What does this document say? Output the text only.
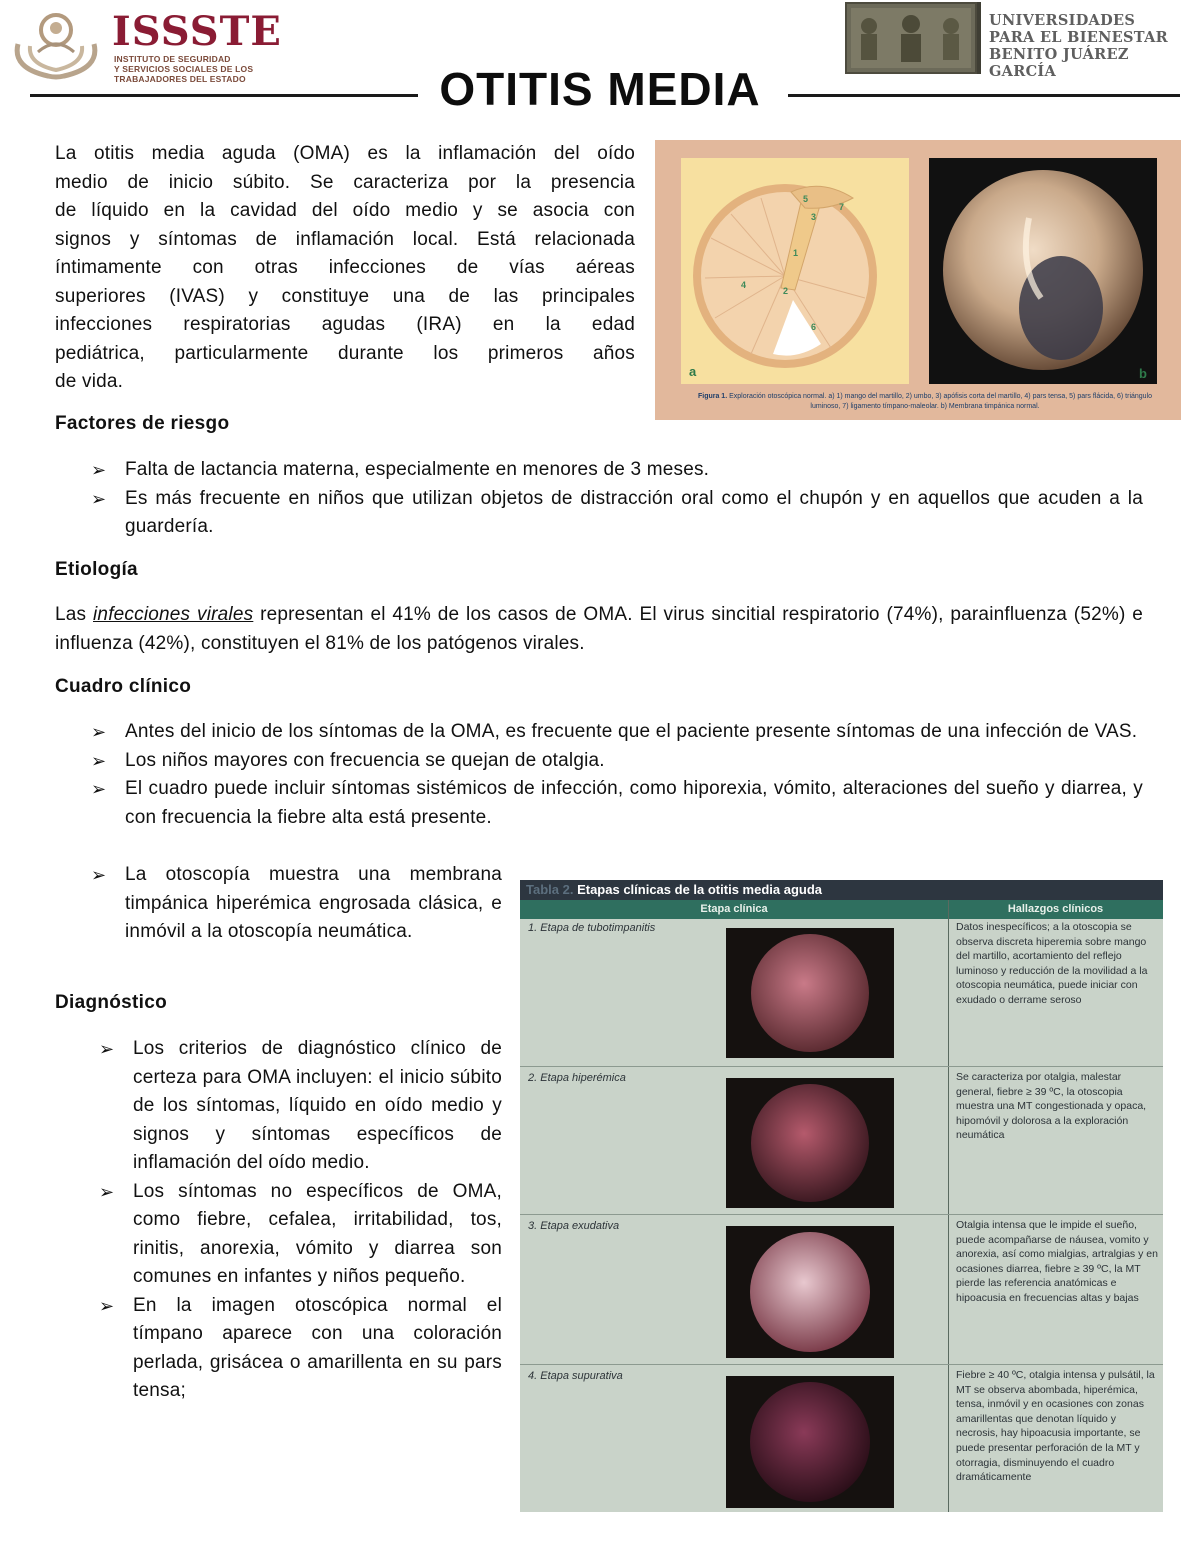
ISSSTE
INSTITUTO DE SEGURIDAD
Y SERVICIOS SOCIALES DE LOS
TRABAJADORES DEL ESTADO
UNIVERSIDADES
PARA EL BIENESTAR
BENITO JUÁREZ GARCÍA
OTITIS MEDIA
La otitis media aguda (OMA) es la inflamación del oído
medio de inicio súbito. Se caracteriza por la presencia
de líquido en la cavidad del oído medio y se asocia con
signos y síntomas de inflamación local. Está relacionada
íntimamente con otras infecciones de vías aéreas
superiores (IVAS) y constituye una de las principales
infecciones respiratorias agudas (IRA) en la edad
pediátrica, particularmente durante los primeros años
de vida.
5
7
3
1
2
4
6
a	b
Figura 1. Exploración otoscópica normal. a) 1) mango del martillo, 2) umbo, 3) apófisis corta del martillo, 4) pars tensa, 5) pars flácida, 6) triángulo luminoso, 7) ligamento tímpano-maleolar. b) Membrana timpánica normal.
Factores de riesgo
➢ Falta de lactancia materna, especialmente en menores de 3 meses.
➢ Es más frecuente en niños que utilizan objetos de distracción oral como el chupón y en aquellos que acuden a la guardería.
Etiología
Las infecciones virales representan el 41% de los casos de OMA. El virus sincitial respiratorio (74%), parainfluenza (52%) e influenza (42%), constituyen el 81% de los patógenos virales.
Cuadro clínico
➢ Antes del inicio de los síntomas de la OMA, es frecuente que el paciente presente síntomas de una infección de VAS.
➢ Los niños mayores con frecuencia se quejan de otalgia.
➢ El cuadro puede incluir síntomas sistémicos de infección, como hiporexia, vómito, alteraciones del sueño y diarrea, y con frecuencia la fiebre alta está presente.
➢ La otoscopía muestra una membrana timpánica hiperémica engrosada clásica, e inmóvil a la otoscopía neumática.
Diagnóstico
➢ Los criterios de diagnóstico clínico de certeza para OMA incluyen: el inicio súbito de los síntomas, líquido en oído medio y signos y síntomas específicos de inflamación del oído medio.
➢ Los síntomas no específicos de OMA, como fiebre, cefalea, irritabilidad, tos, rinitis, anorexia, vómito y diarrea son comunes en infantes y niños pequeño.
➢ En la imagen otoscópica normal el tímpano aparece con una coloración perlada, grisácea o amarillenta en su pars tensa;
Tabla 2. Etapas clínicas de la otitis media aguda
Etapa clínica	Hallazgos clínicos
1. Etapa de tubotimpanitis	Datos inespecíficos; a la otoscopia se observa discreta hiperemia sobre mango del martillo, acortamiento del reflejo luminoso y reducción de la movilidad a la otoscopia neumática, puede iniciar con exudado o derrame seroso
2. Etapa hiperémica	Se caracteriza por otalgia, malestar general, fiebre ≥ 39 ºC, la otoscopia muestra una MT congestionada y opaca, hipomóvil y dolorosa a la exploración neumática
3. Etapa exudativa	Otalgia intensa que le impide el sueño, puede acompañarse de náusea, vomito y anorexia, así como mialgias, artralgias y en ocasiones diarrea, fiebre ≥ 39 ºC, la MT pierde las referencia anatómicas e hipoacusia en frecuencias altas y bajas
4. Etapa supurativa	Fiebre ≥ 40 ºC, otalgia intensa y pulsátil, la MT se observa abombada, hiperémica, tensa, inmóvil y en ocasiones con zonas amarillentas que denotan líquido y necrosis, hay hipoacusia importante, se puede presentar perforación de la MT y otorragia, disminuyendo el cuadro dramáticamente
